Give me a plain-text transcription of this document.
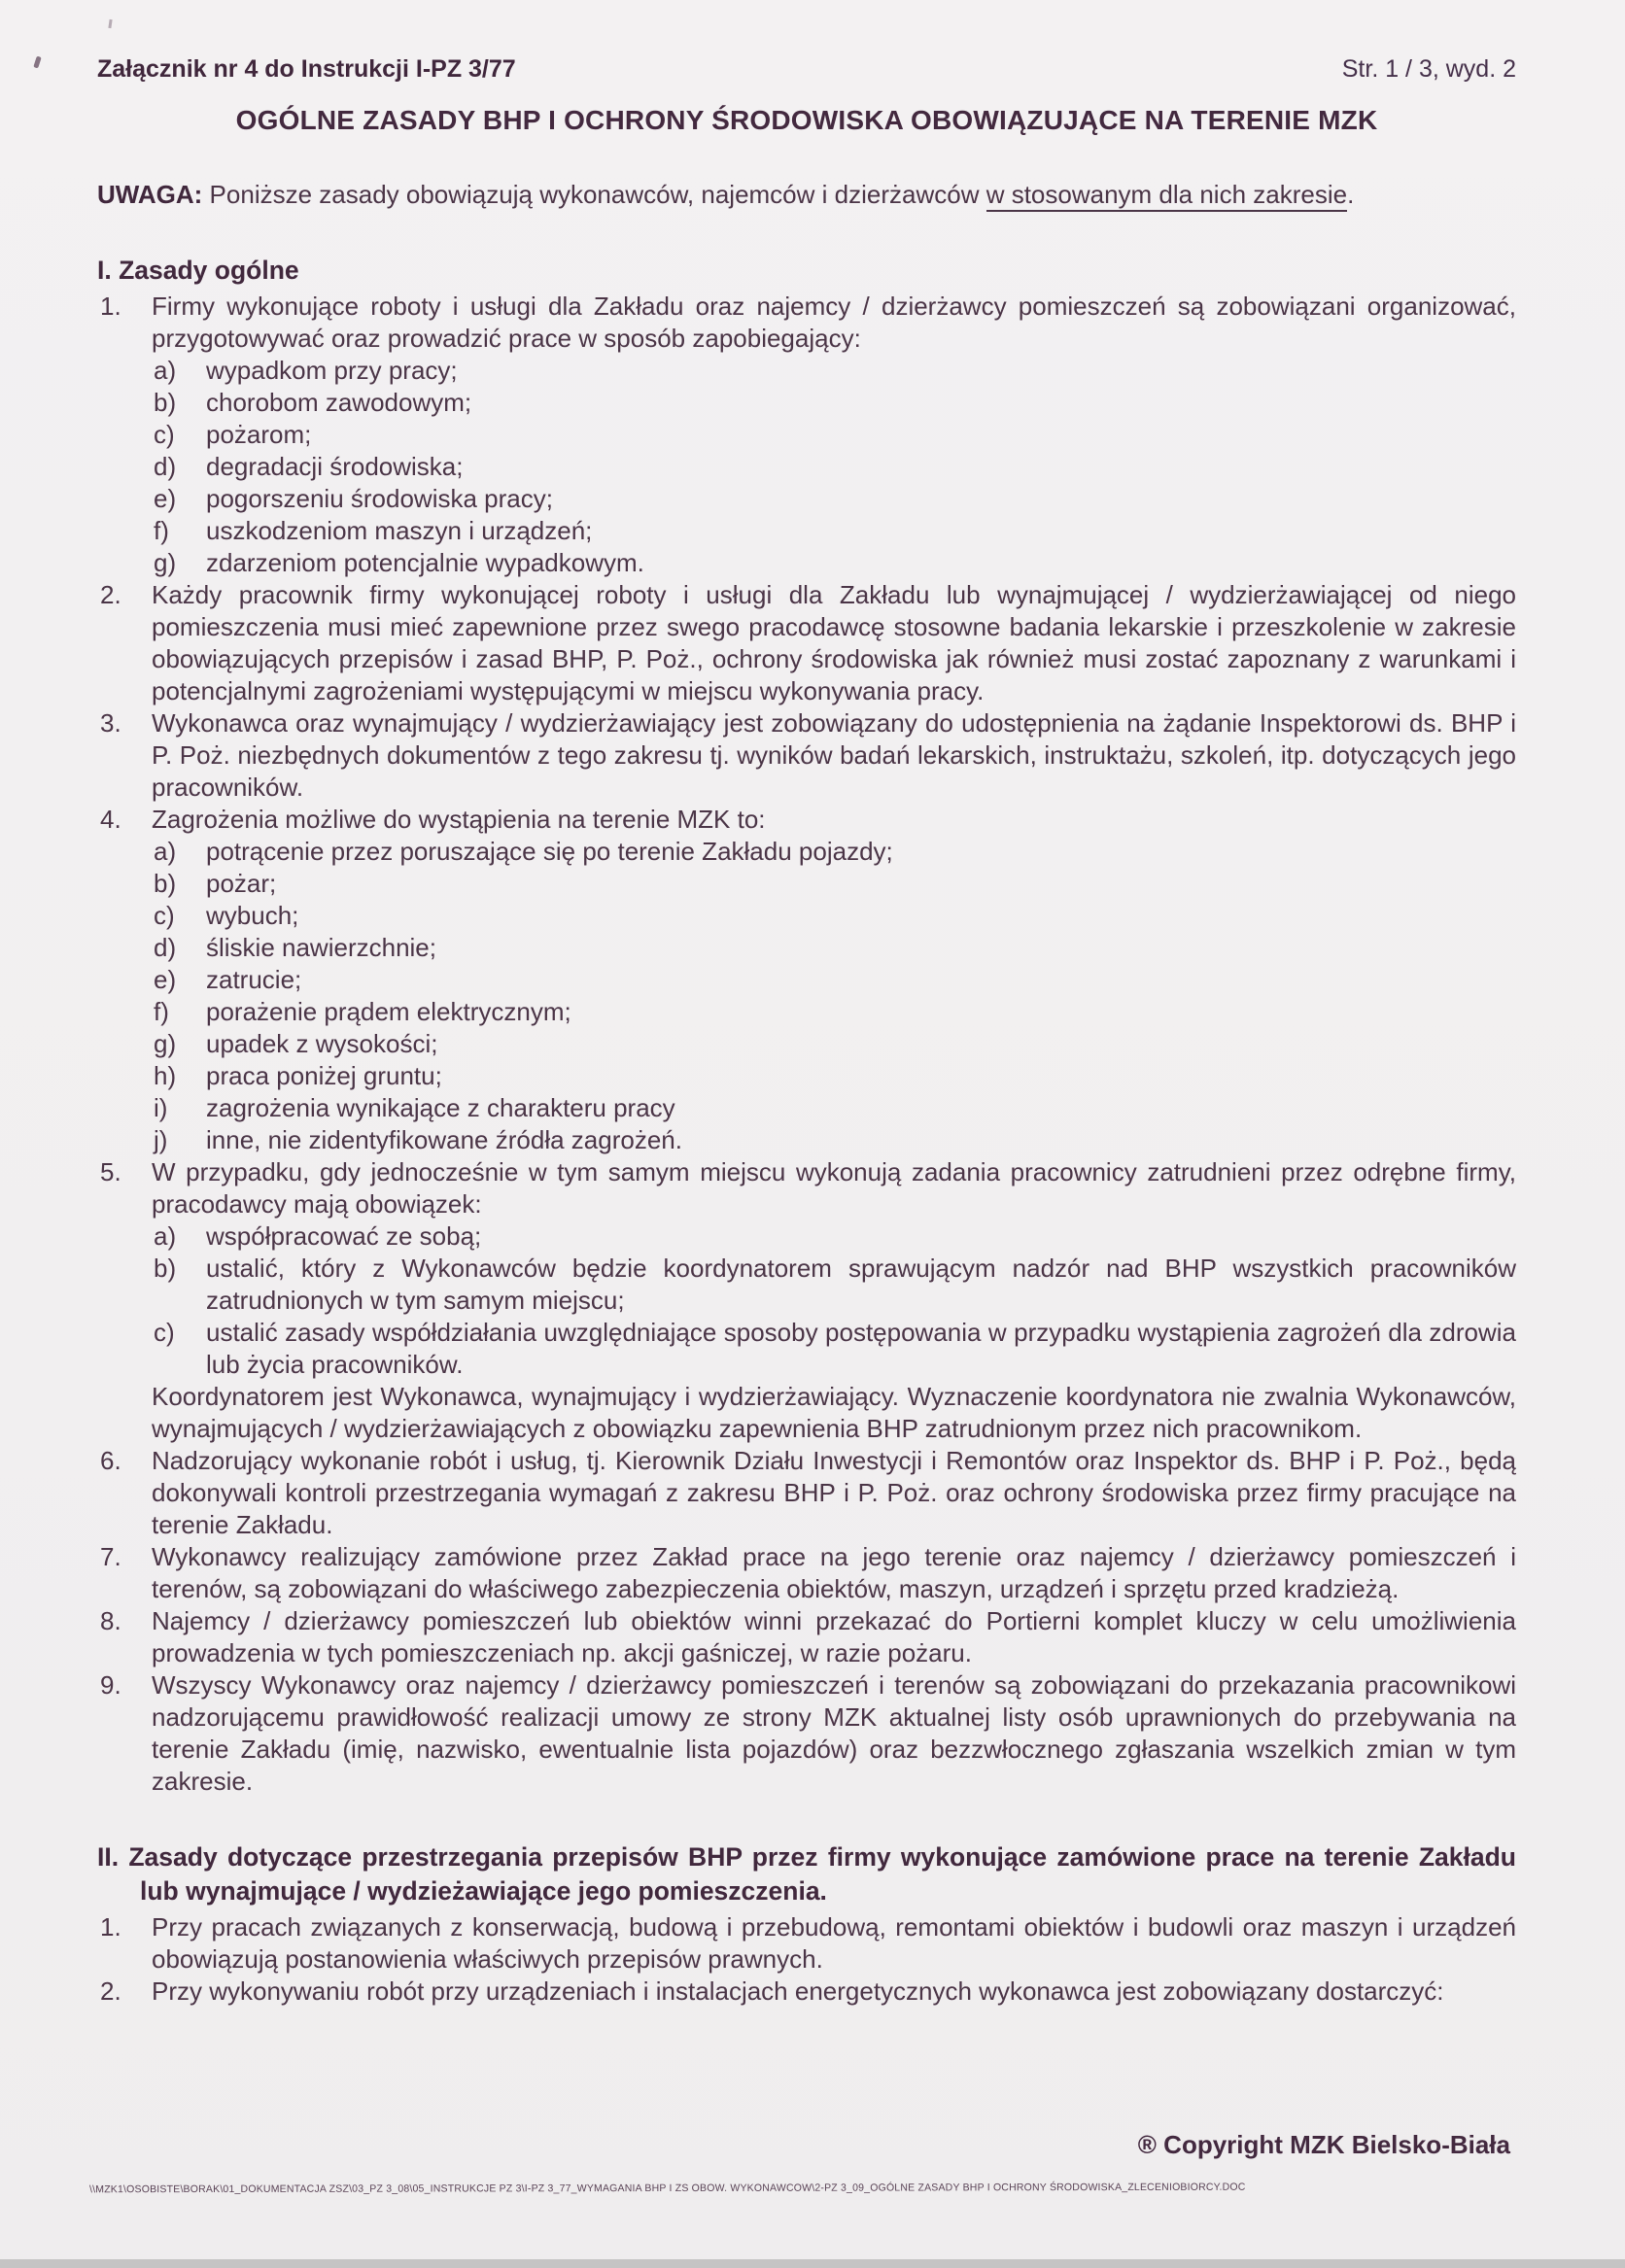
Załącznik nr 4 do Instrukcji I-PZ 3/77	Str. 1 / 3, wyd. 2
OGÓLNE ZASADY BHP I OCHRONY ŚRODOWISKA OBOWIĄZUJĄCE NA TERENIE MZK

UWAGA: Poniższe zasady obowiązują wykonawców, najemców i dzierżawców w stosowanym dla nich zakresie.

I. Zasady ogólne
Firmy wykonujące roboty i usługi dla Zakładu oraz najemcy / dzierżawcy pomieszczeń są zobowiązani organizować, przygotowywać oraz prowadzić prace w sposób zapobiegający:
wypadkom przy pracy;
chorobom zawodowym;
pożarom;
degradacji środowiska;
pogorszeniu środowiska pracy;
uszkodzeniom maszyn i urządzeń;
zdarzeniom potencjalnie wypadkowym.
Każdy pracownik firmy wykonującej roboty i usługi dla Zakładu lub wynajmującej / wydzierżawiającej od niego pomieszczenia musi mieć zapewnione przez swego pracodawcę stosowne badania lekarskie i przeszkolenie w zakresie obowiązujących przepisów i zasad BHP, P. Poż., ochrony środowiska jak również musi zostać zapoznany z warunkami i potencjalnymi zagrożeniami występującymi w miejscu wykonywania pracy.
Wykonawca oraz wynajmujący / wydzierżawiający jest zobowiązany do udostępnienia na żądanie Inspektorowi ds. BHP i P. Poż. niezbędnych dokumentów z tego zakresu tj. wyników badań lekarskich, instruktażu, szkoleń, itp. dotyczących jego pracowników.
Zagrożenia możliwe do wystąpienia na terenie MZK to:
potrącenie przez poruszające się po terenie Zakładu pojazdy;
pożar;
wybuch;
śliskie nawierzchnie;
zatrucie;
porażenie prądem elektrycznym;
upadek z wysokości;
praca poniżej gruntu;
zagrożenia wynikające z charakteru pracy
inne, nie zidentyfikowane źródła zagrożeń.
W przypadku, gdy jednocześnie w tym samym miejscu wykonują zadania pracownicy zatrudnieni przez odrębne firmy, pracodawcy mają obowiązek:
współpracować ze sobą;
ustalić, który z Wykonawców będzie koordynatorem sprawującym nadzór nad BHP wszystkich pracowników zatrudnionych w tym samym miejscu;
ustalić zasady współdziałania uwzględniające sposoby postępowania w przypadku wystąpienia zagrożeń dla zdrowia lub życia pracowników.
Koordynatorem jest Wykonawca, wynajmujący i wydzierżawiający. Wyznaczenie koordynatora nie zwalnia Wykonawców, wynajmujących / wydzierżawiających z obowiązku zapewnienia BHP zatrudnionym przez nich pracownikom.
Nadzorujący wykonanie robót i usług, tj. Kierownik Działu Inwestycji i Remontów oraz Inspektor ds. BHP i P. Poż., będą dokonywali kontroli przestrzegania wymagań z zakresu BHP i P. Poż. oraz ochrony środowiska przez firmy pracujące na terenie Zakładu.
Wykonawcy realizujący zamówione przez Zakład prace na jego terenie oraz najemcy / dzierżawcy pomieszczeń i terenów, są zobowiązani do właściwego zabezpieczenia obiektów, maszyn, urządzeń i sprzętu przed kradzieżą.
Najemcy / dzierżawcy pomieszczeń lub obiektów winni przekazać do Portierni komplet kluczy w celu umożliwienia prowadzenia w tych pomieszczeniach np. akcji gaśniczej, w razie pożaru.
Wszyscy Wykonawcy oraz najemcy / dzierżawcy pomieszczeń i terenów są zobowiązani do przekazania pracownikowi nadzorującemu prawidłowość realizacji umowy ze strony MZK aktualnej listy osób uprawnionych do przebywania na terenie Zakładu (imię, nazwisko, ewentualnie lista pojazdów) oraz bezzwłocznego zgłaszania wszelkich zmian w tym zakresie.
II. Zasady dotyczące przestrzegania przepisów BHP przez firmy wykonujące zamówione prace na terenie Zakładu lub wynajmujące / wydzieżawiające jego pomieszczenia.
Przy pracach związanych z konserwacją, budową i przebudową, remontami obiektów i budowli oraz maszyn i urządzeń obowiązują postanowienia właściwych przepisów prawnych.
Przy wykonywaniu robót przy urządzeniach i instalacjach energetycznych wykonawca jest zobowiązany dostarczyć:
® Copyright MZK Bielsko-Biała
\\MZK1\OSOBISTE\BORAK\01_DOKUMENTACJA ZSZ\03_PZ 3_08\05_INSTRUKCJE PZ 3\I-PZ 3_77_WYMAGANIA BHP I ZS OBOW. WYKONAWCOW\2-PZ 3_09_OGÓLNE ZASADY BHP I OCHRONY ŚRODOWISKA_ZLECENIOBIORCY.DOC
